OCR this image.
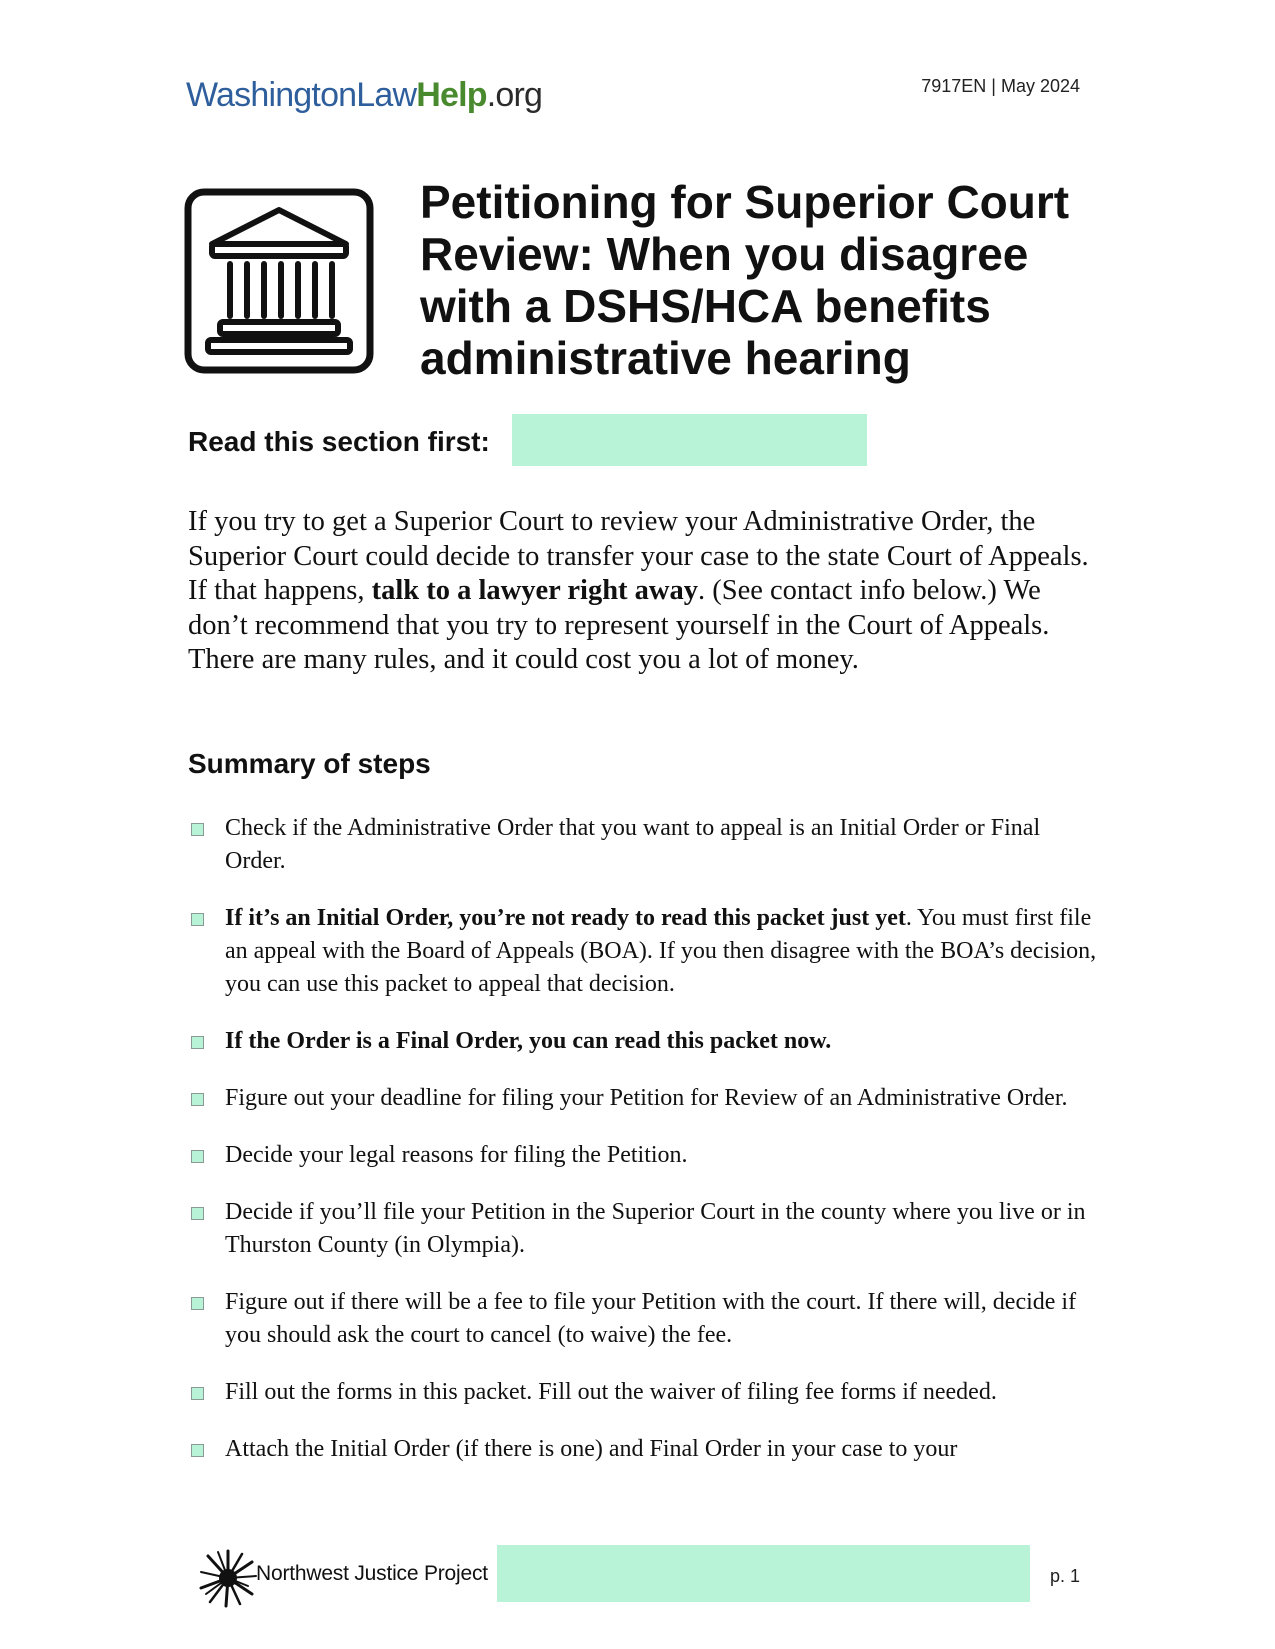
WashingtonLawHelp.org	7917EN | May 2024
Petitioning for Superior Court Review: When you disagree with a DSHS/HCA benefits administrative hearing
Read this section first:

If you try to get a Superior Court to review your Administrative Order, the Superior Court could decide to transfer your case to the state Court of Appeals. If that happens, talk to a lawyer right away. (See contact info below.) We don’t recommend that you try to represent yourself in the Court of Appeals. There are many rules, and it could cost you a lot of money.

Summary of steps
Check if the Administrative Order that you want to appeal is an Initial Order or Final Order.
If it’s an Initial Order, you’re not ready to read this packet just yet. You must first file an appeal with the Board of Appeals (BOA). If you then disagree with the BOA’s decision, you can use this packet to appeal that decision.
If the Order is a Final Order, you can read this packet now.
Figure out your deadline for filing your Petition for Review of an Administrative Order.
Decide your legal reasons for filing the Petition.
Decide if you’ll file your Petition in the Superior Court in the county where you live or in Thurston County (in Olympia).
Figure out if there will be a fee to file your Petition with the court. If there will, decide if you should ask the court to cancel (to waive) the fee.
Fill out the forms in this packet. Fill out the waiver of filing fee forms if needed.
Attach the Initial Order (if there is one) and Final Order in your case to your
Northwest Justice Project	p. 1
